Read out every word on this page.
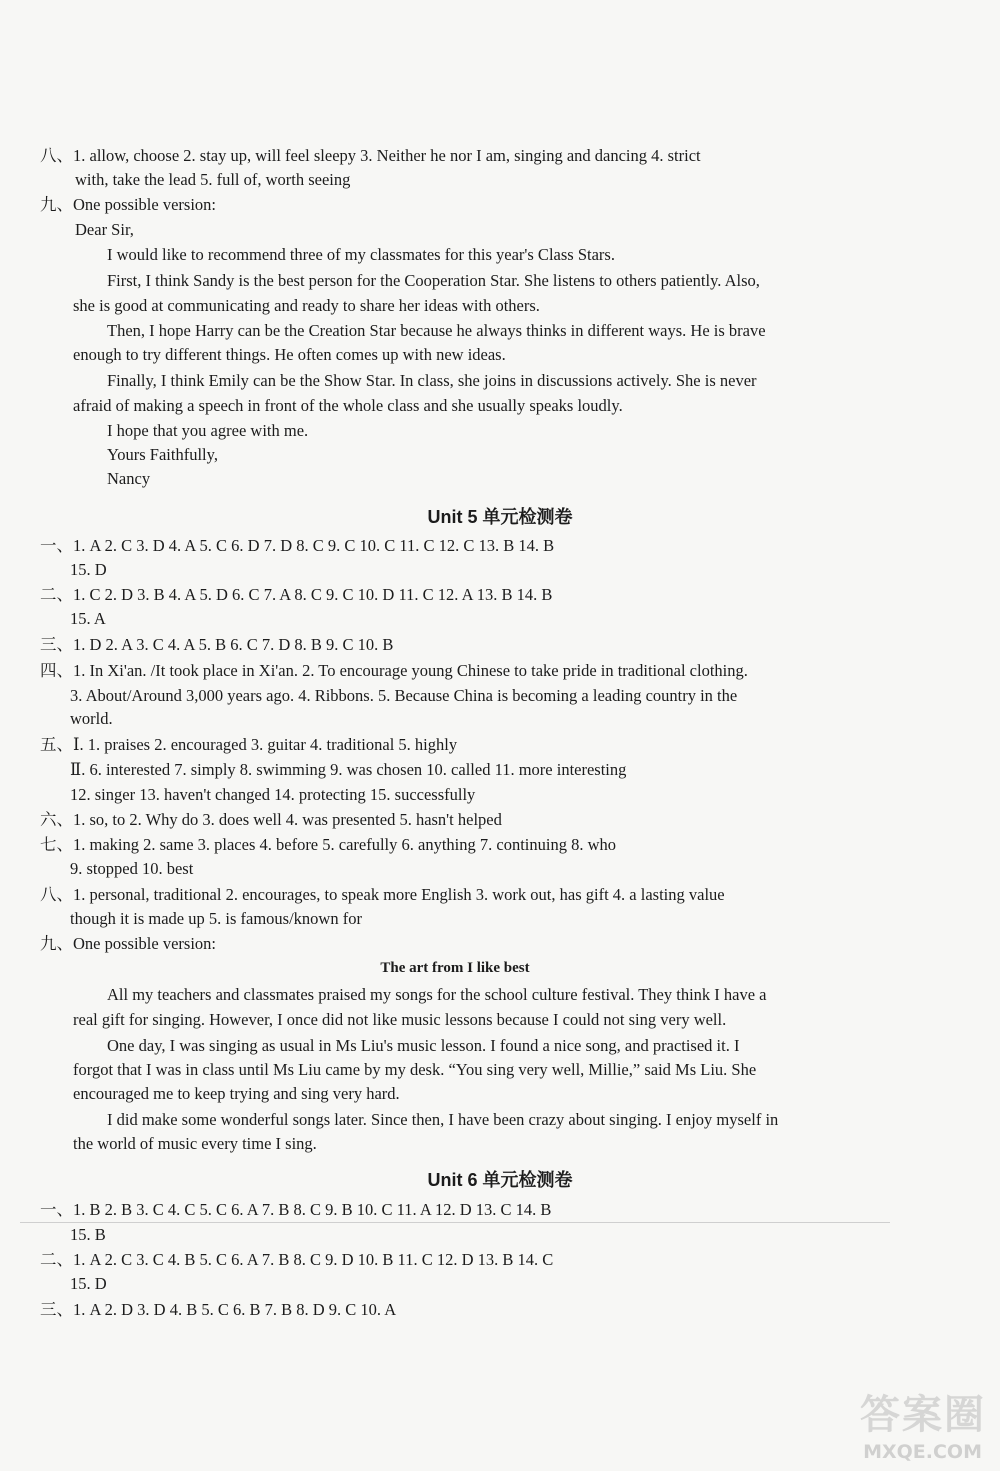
八、1. allow, choose 2. stay up, will feel sleepy 3. Neither he nor I am, singing and dancing 4. strict
with, take the lead 5. full of, worth seeing
九、One possible version:
Dear Sir,
I would like to recommend three of my classmates for this year's Class Stars.
First, I think Sandy is the best person for the Cooperation Star. She listens to others patiently. Also,
she is good at communicating and ready to share her ideas with others.
Then, I hope Harry can be the Creation Star because he always thinks in different ways. He is brave
enough to try different things. He often comes up with new ideas.
Finally, I think Emily can be the Show Star. In class, she joins in discussions actively. She is never
afraid of making a speech in front of the whole class and she usually speaks loudly.
I hope that you agree with me.
Yours Faithfully,
Nancy
Unit 5 单元检测卷
一、1. A 2. C 3. D 4. A 5. C 6. D 7. D 8. C 9. C 10. C 11. C 12. C 13. B 14. B
15. D
二、1. C 2. D 3. B 4. A 5. D 6. C 7. A 8. C 9. C 10. D 11. C 12. A 13. B 14. B
15. A
三、1. D 2. A 3. C 4. A 5. B 6. C 7. D 8. B 9. C 10. B
四、1. In Xi'an. /It took place in Xi'an. 2. To encourage young Chinese to take pride in traditional clothing.
3. About/Around 3,000 years ago. 4. Ribbons. 5. Because China is becoming a leading country in the
world.
五、Ⅰ. 1. praises 2. encouraged 3. guitar 4. traditional 5. highly
Ⅱ. 6. interested 7. simply 8. swimming 9. was chosen 10. called 11. more interesting
12. singer 13. haven't changed 14. protecting 15. successfully
六、1. so, to 2. Why do 3. does well 4. was presented 5. hasn't helped
七、1. making 2. same 3. places 4. before 5. carefully 6. anything 7. continuing 8. who
9. stopped 10. best
八、1. personal, traditional 2. encourages, to speak more English 3. work out, has gift 4. a lasting value
though it is made up 5. is famous/known for
九、One possible version:
The art from I like best
All my teachers and classmates praised my songs for the school culture festival. They think I have a
real gift for singing. However, I once did not like music lessons because I could not sing very well.
One day, I was singing as usual in Ms Liu's music lesson. I found a nice song, and practised it. I
forgot that I was in class until Ms Liu came by my desk. “You sing very well, Millie,” said Ms Liu. She
encouraged me to keep trying and sing very hard.
I did make some wonderful songs later. Since then, I have been crazy about singing. I enjoy myself in
the world of music every time I sing.
Unit 6 单元检测卷
一、1. B 2. B 3. C 4. C 5. C 6. A 7. B 8. C 9. B 10. C 11. A 12. D 13. C 14. B
15. B
二、1. A 2. C 3. C 4. B 5. C 6. A 7. B 8. C 9. D 10. B 11. C 12. D 13. B 14. C
15. D
三、1. A 2. D 3. D 4. B 5. C 6. B 7. B 8. D 9. C 10. A
答案圈
MXQE.COM
